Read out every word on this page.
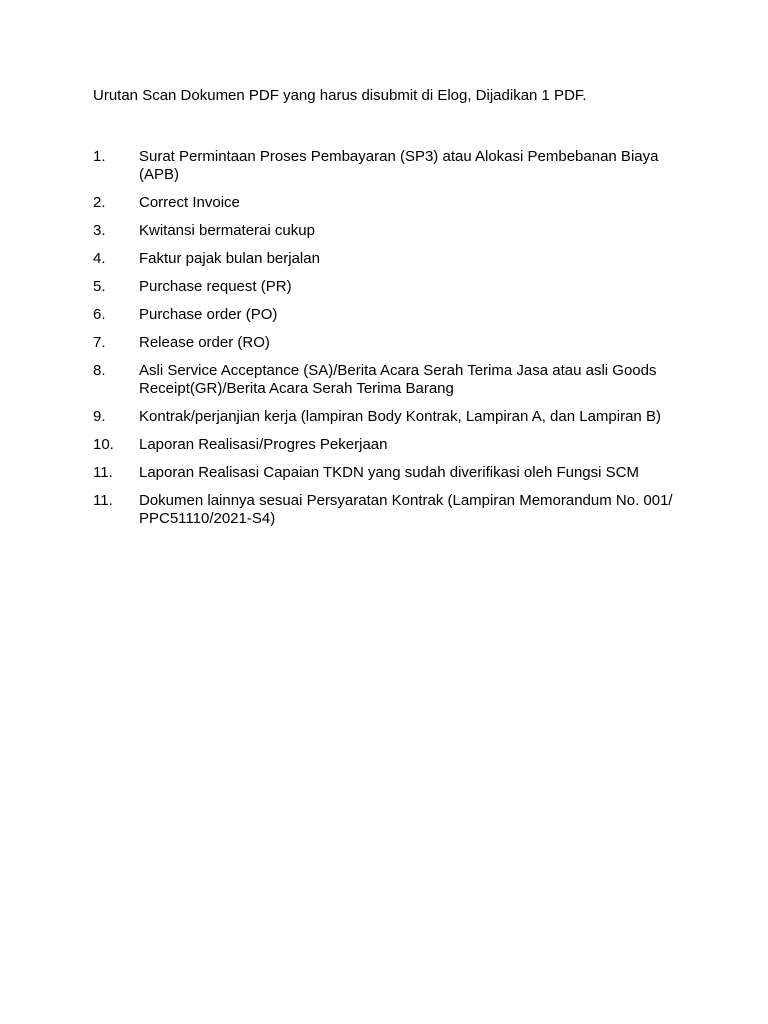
Urutan Scan Dokumen PDF yang harus disubmit di Elog, Dijadikan 1 PDF.

1.	Surat Permintaan Proses Pembayaran (SP3) atau Alokasi Pembebanan Biaya (APB)
2.	Correct Invoice
3.	Kwitansi bermaterai cukup
4.	Faktur pajak bulan berjalan
5.	Purchase request (PR)
6.	Purchase order (PO)
7.	Release order (RO)
8.	Asli Service Acceptance (SA)/Berita Acara Serah Terima Jasa atau asli Goods Receipt(GR)/Berita Acara Serah Terima Barang
9.	Kontrak/perjanjian kerja (lampiran Body Kontrak, Lampiran A, dan Lampiran B)
10.	Laporan Realisasi/Progres Pekerjaan
11.	Laporan Realisasi Capaian TKDN yang sudah diverifikasi oleh Fungsi SCM
11.	Dokumen lainnya sesuai Persyaratan Kontrak (Lampiran Memorandum No. 001/ PPC51110/2021-S4)
